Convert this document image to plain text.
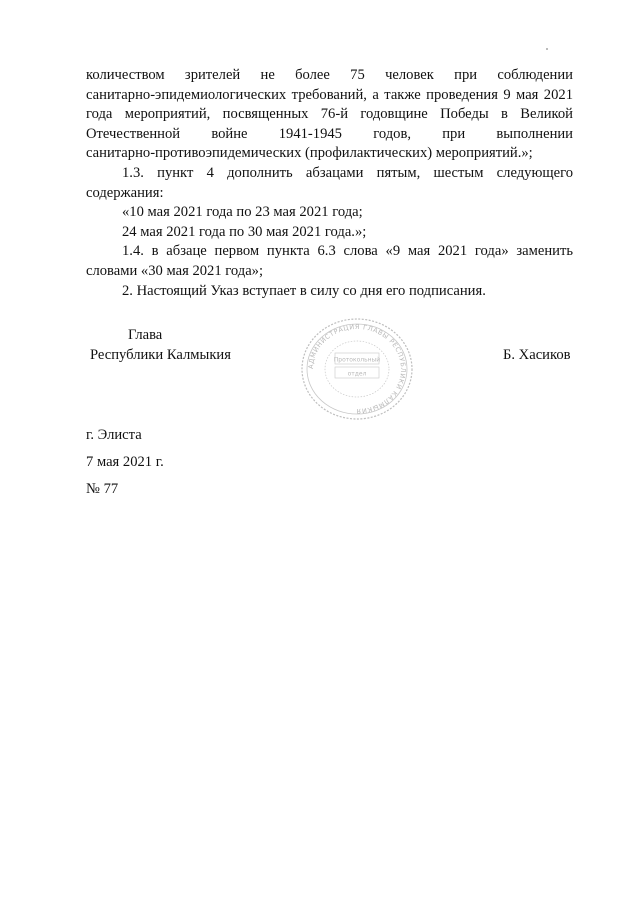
количеством зрителей не более 75 человек при соблюдении

санитарно-эпидемиологических требований, а также проведения 9 мая 2021

года мероприятий, посвященных 76-й годовщине Победы в Великой

Отечественной войне 1941-1945 годов, при выполнении

санитарно-противоэпидемических (профилактических) мероприятий.»;

1.3. пункт 4 дополнить абзацами пятым, шестым следующего содержания:

«10 мая 2021 года по 23 мая 2021 года;

24 мая 2021 года по 30 мая 2021 года.»;

1.4. в абзаце первом пункта 6.3 слова «9 мая 2021 года» заменить словами «30 мая 2021 года»;

2. Настоящий Указ вступает в силу со дня его подписания.

Глава
Республики Калмыкия
АДМИНИСТРАЦИЯ ГЛАВЫ РЕСПУБЛИКИ КАЛМЫКИЯ
Протокольный
отдел
Б. Хасиков
г. Элиста
7 мая 2021 г.
№ 77
